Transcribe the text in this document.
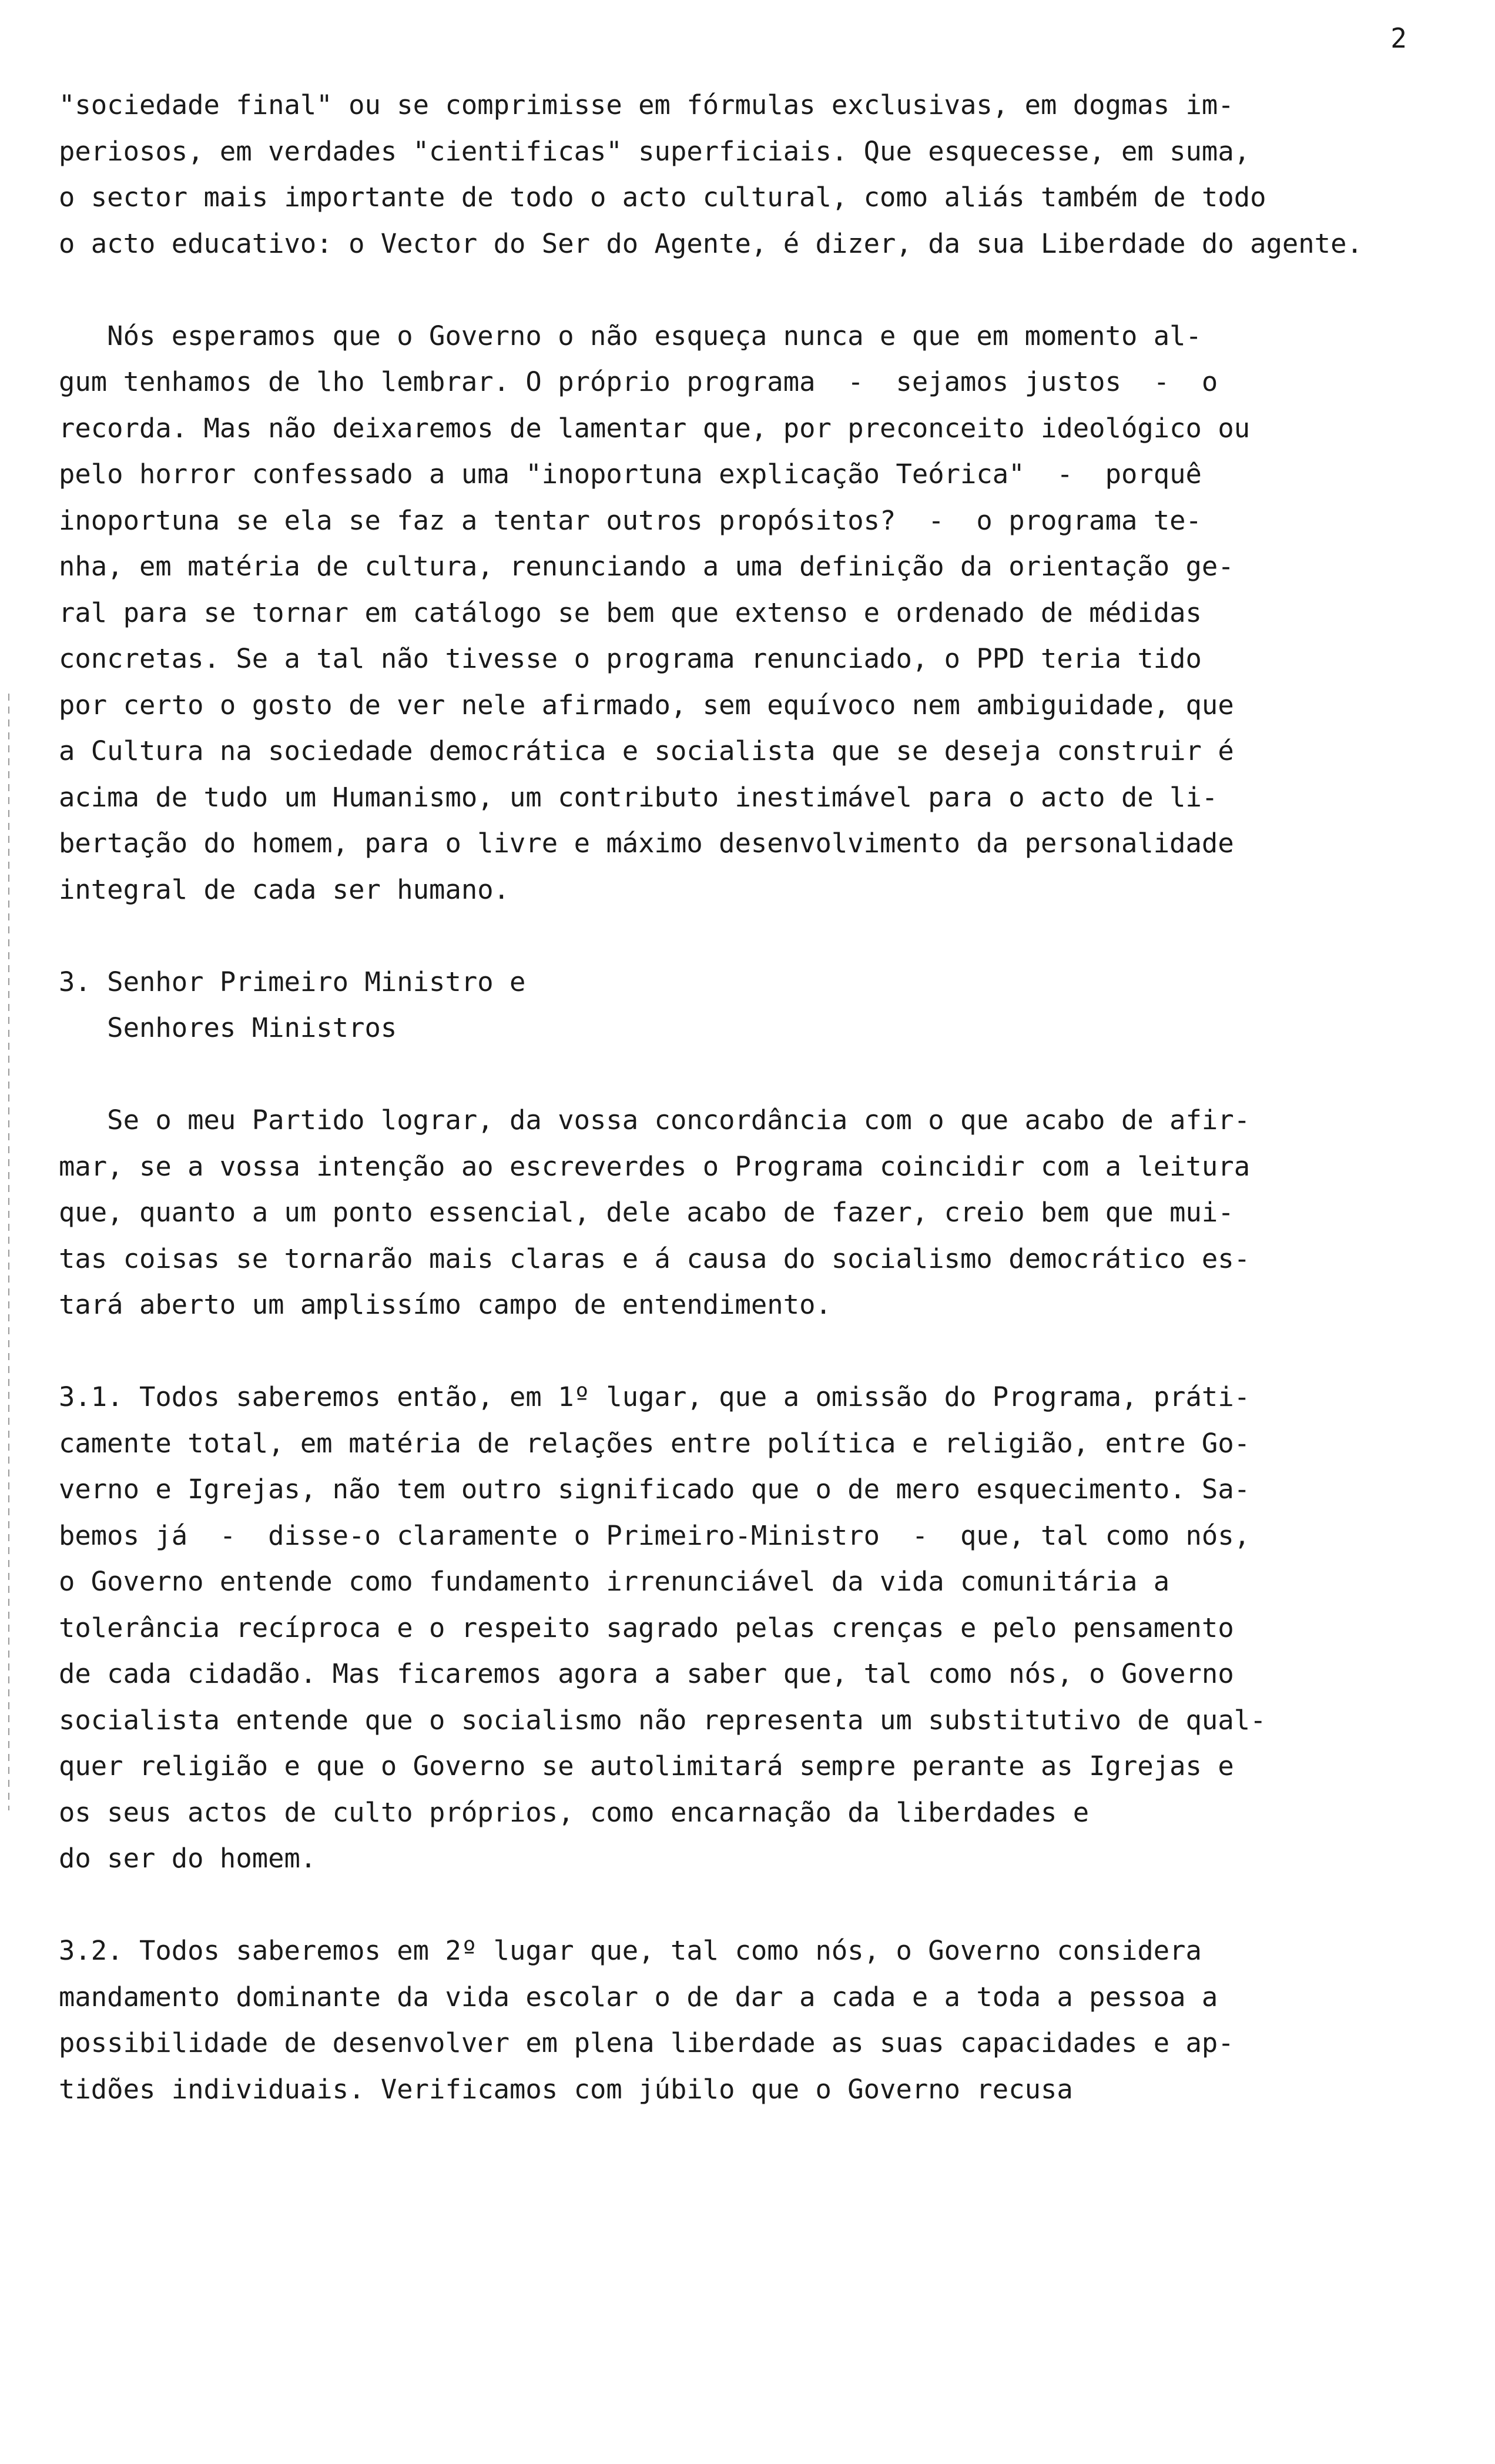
2

"sociedade final" ou se comprimisse em fórmulas exclusivas, em dogmas im-

periosos, em verdades "cientificas" superficiais. Que esquecesse, em suma,

o sector mais importante de todo o acto cultural, como aliás também de todo

o acto educativo: o Vector do Ser do Agente, é dizer, da sua Liberdade do agente.

Nós esperamos que o Governo o não esqueça nunca e que em momento al-

gum tenhamos de lho lembrar. O próprio programa  -  sejamos justos  -  o

recorda. Mas não deixaremos de lamentar que, por preconceito ideológico ou

pelo horror confessado a uma "inoportuna explicação Teórica"  -  porquê

inoportuna se ela se faz a tentar outros propósitos?  -  o programa te-

nha, em matéria de cultura, renunciando a uma definição da orientação ge-

ral para se tornar em catálogo se bem que extenso e ordenado de médidas

concretas. Se a tal não tivesse o programa renunciado, o PPD teria tido

por certo o gosto de ver nele afirmado, sem equívoco nem ambiguidade, que

a Cultura na sociedade democrática e socialista que se deseja construir é

acima de tudo um Humanismo, um contributo inestimável para o acto de li-

bertação do homem, para o livre e máximo desenvolvimento da personalidade

integral de cada ser humano.

3. Senhor Primeiro Ministro e

Senhores Ministros

Se o meu Partido lograr, da vossa concordância com o que acabo de afir-

mar, se a vossa intenção ao escreverdes o Programa coincidir com a leitura

que, quanto a um ponto essencial, dele acabo de fazer, creio bem que mui-

tas coisas se tornarão mais claras e á causa do socialismo democrático es-

tará aberto um amplissímo campo de entendimento.

3.1. Todos saberemos então, em 1º lugar, que a omissão do Programa, práti-

camente total, em matéria de relações entre política e religião, entre Go-

verno e Igrejas, não tem outro significado que o de mero esquecimento. Sa-

bemos já  -  disse-o claramente o Primeiro-Ministro  -  que, tal como nós,

o Governo entende como fundamento irrenunciável da vida comunitária a

tolerância recíproca e o respeito sagrado pelas crenças e pelo pensamento

de cada cidadão. Mas ficaremos agora a saber que, tal como nós, o Governo

socialista entende que o socialismo não representa um substitutivo de qual-

quer religião e que o Governo se autolimitará sempre perante as Igrejas e

os seus actos de culto próprios, como encarnação da liberdades e

do ser do homem.

3.2. Todos saberemos em 2º lugar que, tal como nós, o Governo considera

mandamento dominante da vida escolar o de dar a cada e a toda a pessoa a

possibilidade de desenvolver em plena liberdade as suas capacidades e ap-

tidões individuais. Verificamos com júbilo que o Governo recusa
